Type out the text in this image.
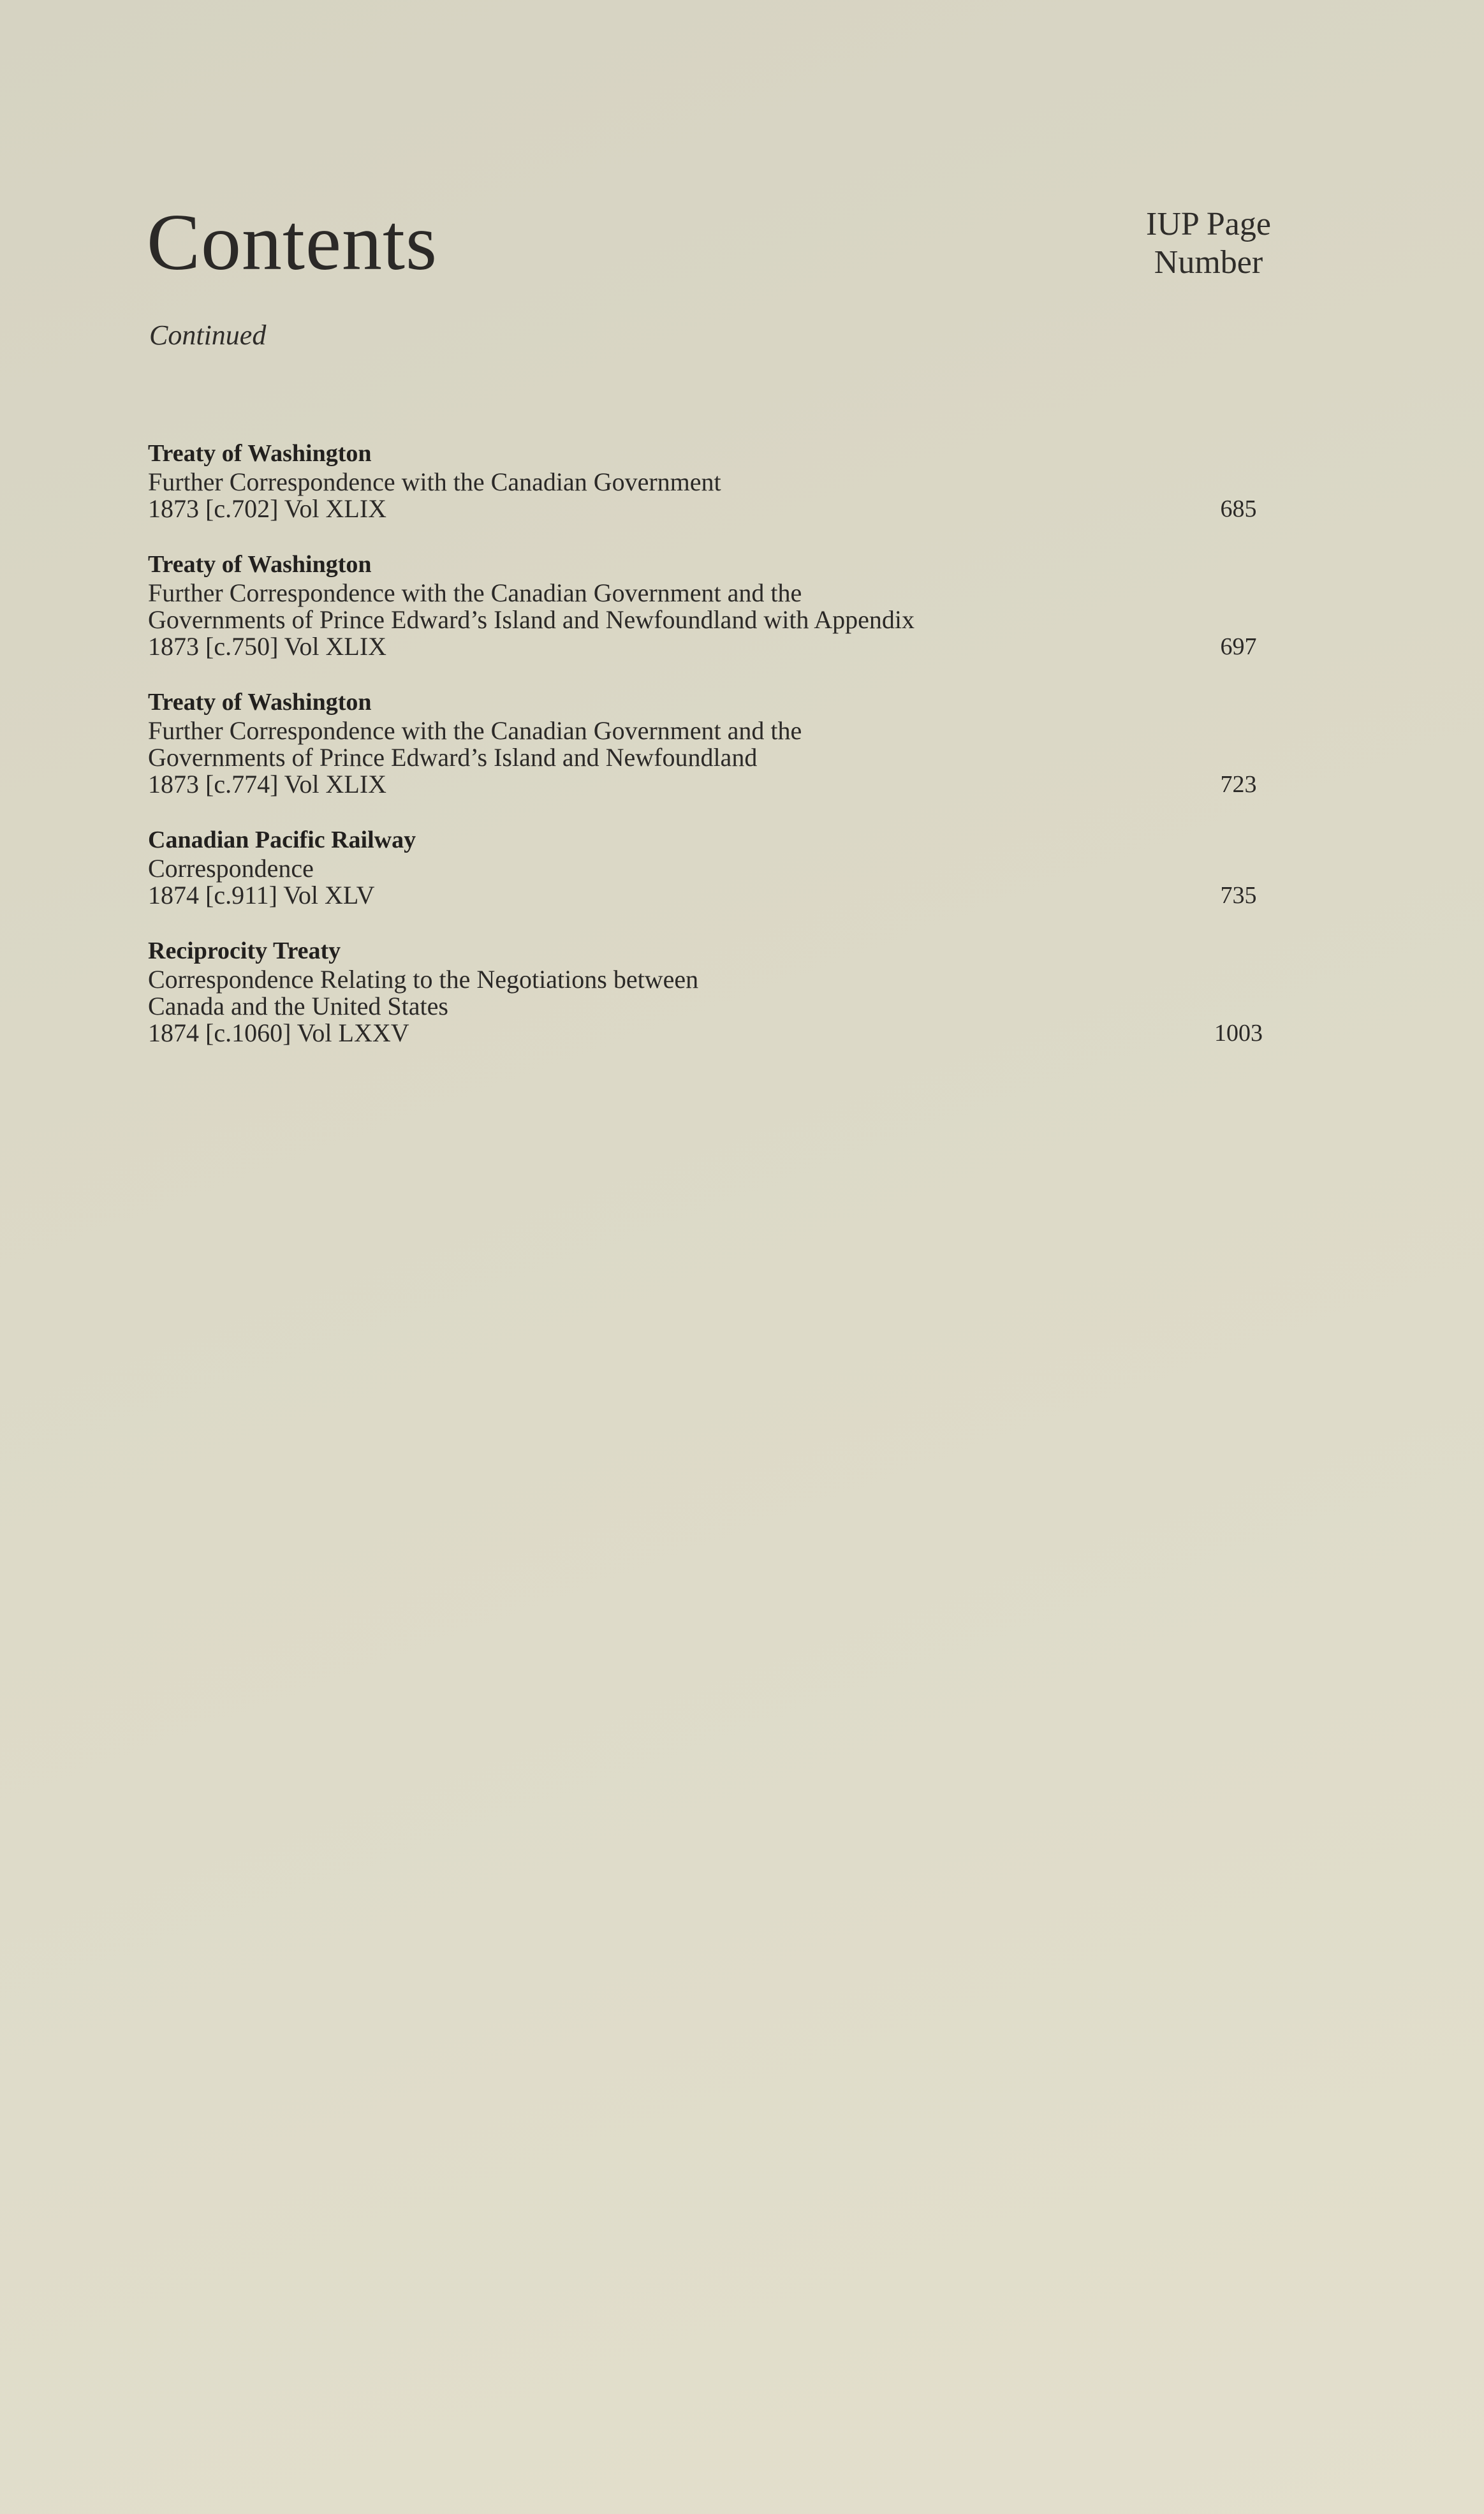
Contents	IUP Page
Number
Continued
Treaty of Washington
Further Correspondence with the Canadian Government
1873 [c.702] Vol XLIX	685
Treaty of Washington
Further Correspondence with the Canadian Government and the
Governments of Prince Edward’s Island and Newfoundland with Appendix
1873 [c.750] Vol XLIX	697
Treaty of Washington
Further Correspondence with the Canadian Government and the
Governments of Prince Edward’s Island and Newfoundland
1873 [c.774] Vol XLIX	723
Canadian Pacific Railway
Correspondence
1874 [c.911] Vol XLV	735
Reciprocity Treaty
Correspondence Relating to the Negotiations between
Canada and the United States
1874 [c.1060] Vol LXXV	1003
